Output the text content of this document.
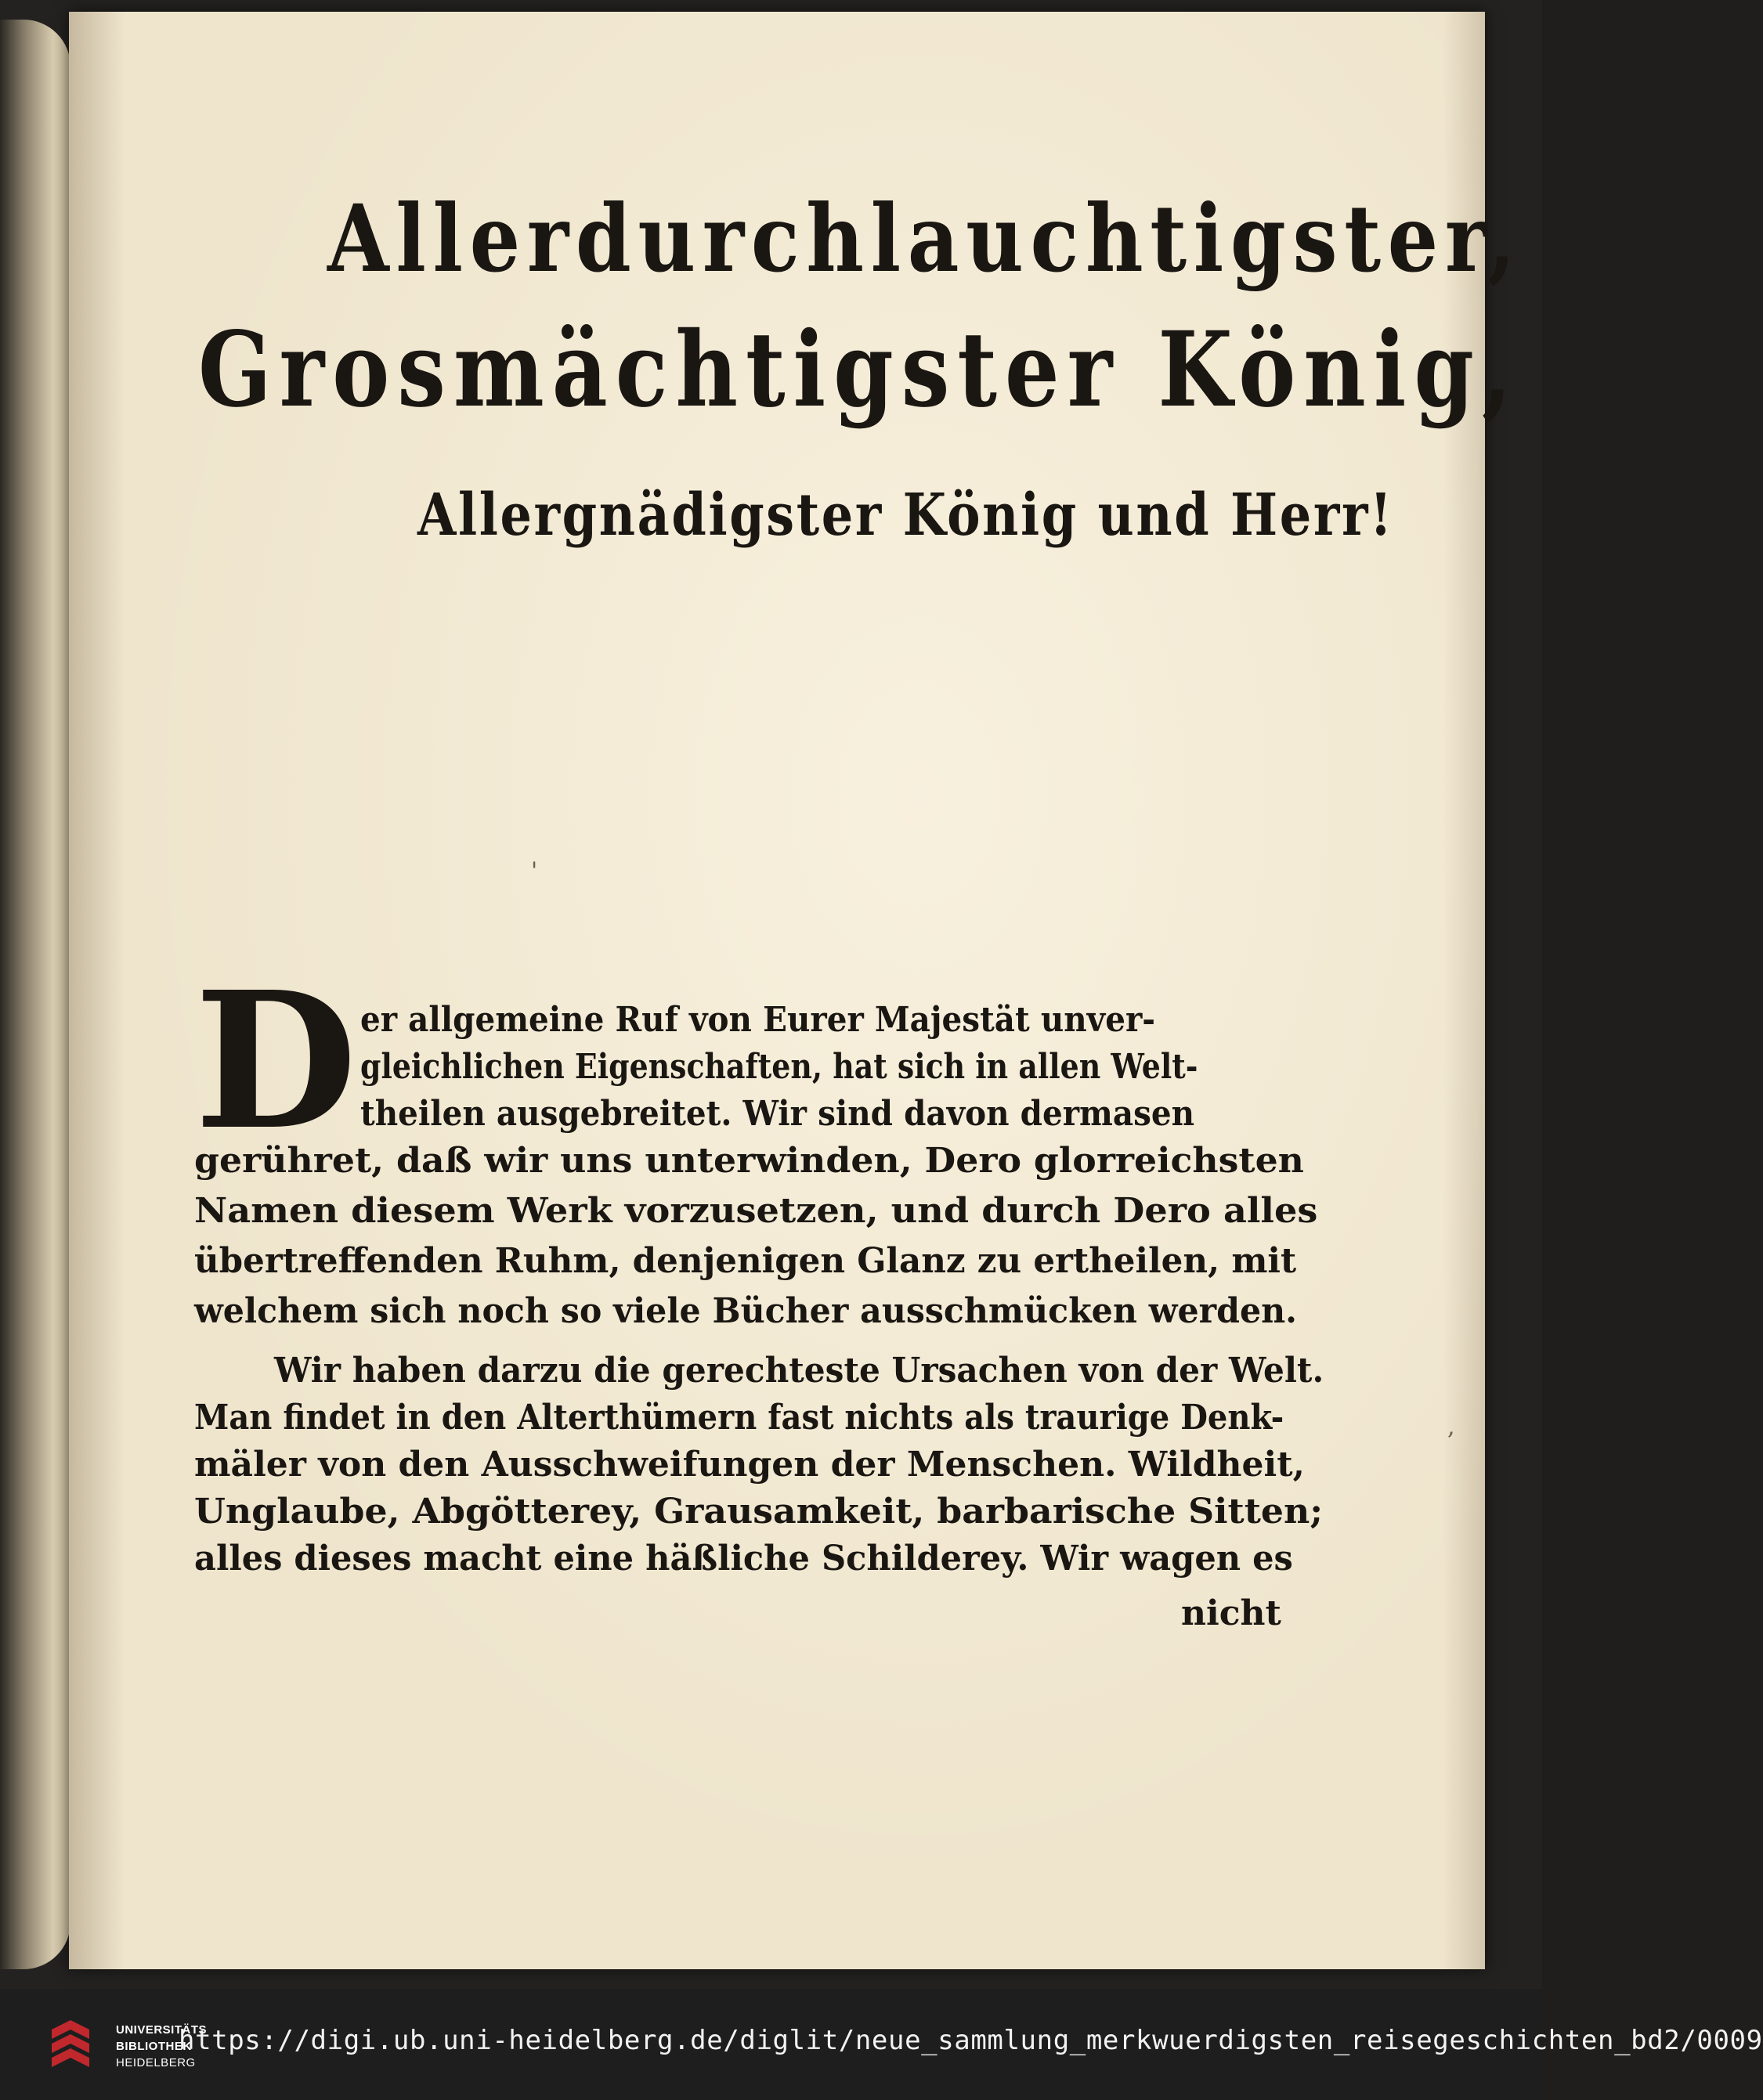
Allerdurchlauchtigster,
Grosmächtigster König,
Allergnädigster König und Herr!
D er allgemeine Ruf von Eurer Majestät unver-
gleichlichen Eigenschaften, hat sich in allen Welt-
theilen ausgebreitet. Wir sind davon dermasen
gerühret, daß wir uns unterwinden, Dero glorreichsten
Namen diesem Werk vorzusetzen, und durch Dero alles
übertreffenden Ruhm, denjenigen Glanz zu ertheilen, mit
welchem sich noch so viele Bücher ausschmücken werden.
Wir haben darzu die gerechteste Ursachen von der Welt.
Man findet in den Alterthümern fast nichts als traurige Denk-
mäler von den Ausschweifungen der Menschen. Wildheit,
Unglaube, Abgötterey, Grausamkeit, barbarische Sitten;
alles dieses macht eine häßliche Schilderey. Wir wagen es
nicht
'
,
UNIVERSITÄTS
BIBLIOTHEK
HEIDELBERG
https://digi.ub.uni-heidelberg.de/diglit/neue_sammlung_merkwuerdigsten_reisegeschichten_bd2/0009
